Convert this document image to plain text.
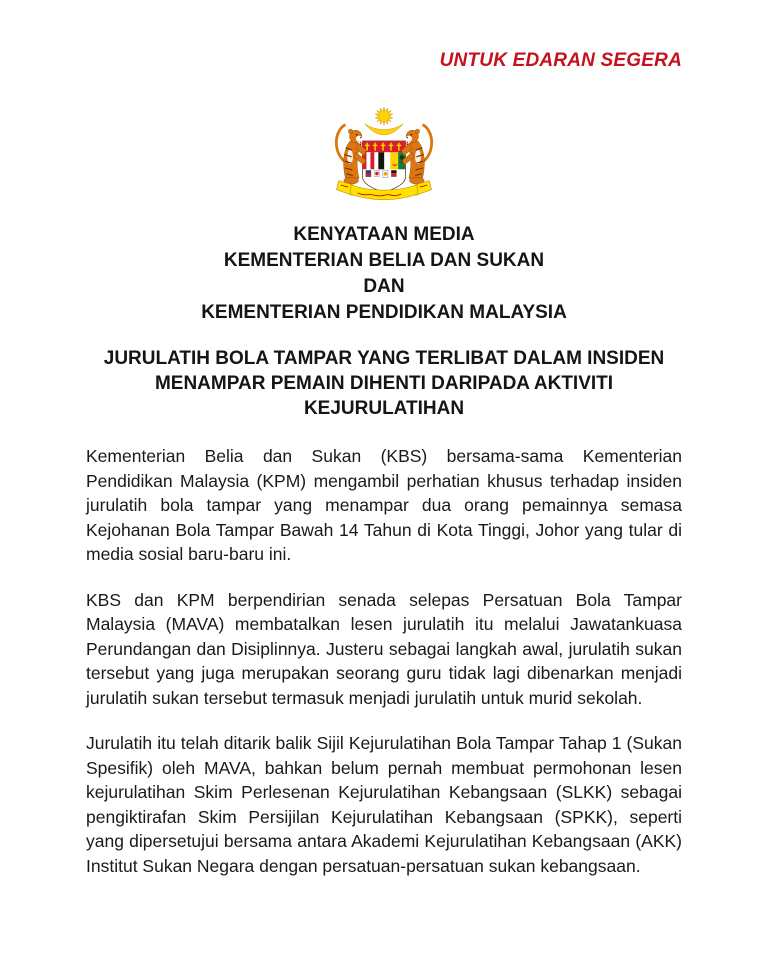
UNTUK EDARAN SEGERA
KENYATAAN MEDIA
KEMENTERIAN BELIA DAN SUKAN
DAN
KEMENTERIAN PENDIDIKAN MALAYSIA
JURULATIH BOLA TAMPAR YANG TERLIBAT DALAM INSIDEN MENAMPAR PEMAIN DIHENTI DARIPADA AKTIVITI KEJURULATIHAN

Kementerian Belia dan Sukan (KBS) bersama-sama Kementerian Pendidikan Malaysia (KPM) mengambil perhatian khusus terhadap insiden jurulatih bola tampar yang menampar dua orang pemainnya semasa Kejohanan Bola Tampar Bawah 14 Tahun di Kota Tinggi, Johor yang tular di media sosial baru-baru ini.

KBS dan KPM berpendirian senada selepas Persatuan Bola Tampar Malaysia (MAVA) membatalkan lesen jurulatih itu melalui Jawatankuasa Perundangan dan Disiplinnya. Justeru sebagai langkah awal, jurulatih sukan tersebut yang juga merupakan seorang guru tidak lagi dibenarkan menjadi jurulatih sukan tersebut termasuk menjadi jurulatih untuk murid sekolah.

Jurulatih itu telah ditarik balik Sijil Kejurulatihan Bola Tampar Tahap 1 (Sukan Spesifik) oleh MAVA, bahkan belum pernah membuat permohonan lesen kejurulatihan Skim Perlesenan Kejurulatihan Kebangsaan (SLKK) sebagai pengiktirafan Skim Persijilan Kejurulatihan Kebangsaan (SPKK), seperti yang dipersetujui bersama antara Akademi Kejurulatihan Kebangsaan (AKK) Institut Sukan Negara dengan persatuan-persatuan sukan kebangsaan.
